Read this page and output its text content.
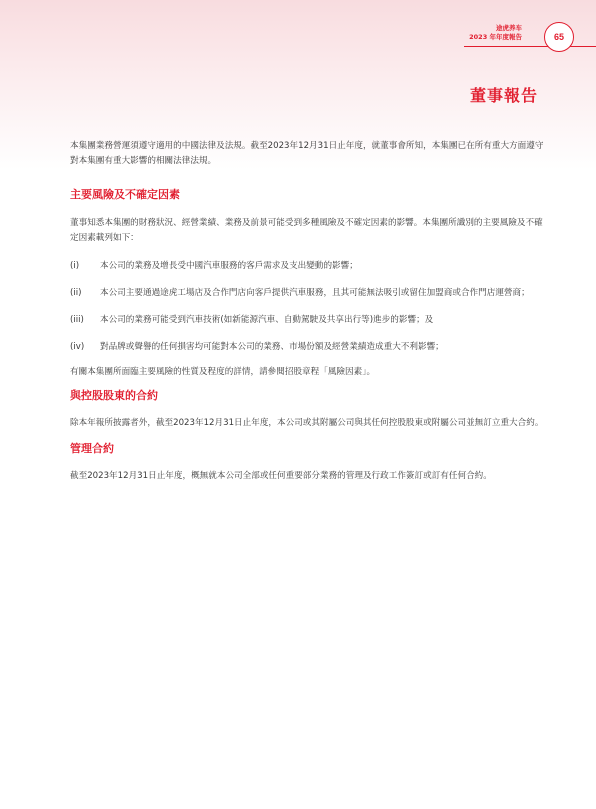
途虎养车
2023 年年度報告	65
董事報告

本集團業務營運須遵守適用的中國法律及法規。截至2023年12月31日止年度，就董事會所知，本集團已在所有重大方面遵守對本集團有重大影響的相關法律法規。

主要風險及不確定因素

董事知悉本集團的財務狀況、經營業績、業務及前景可能受到多種風險及不確定因素的影響。本集團所識別的主要風險及不確定因素載列如下：

(i)	本公司的業務及增長受中國汽車服務的客戶需求及支出變動的影響；
(ii)	本公司主要通過途虎工場店及合作門店向客戶提供汽車服務，且其可能無法吸引或留住加盟商或合作門店運營商；
(iii)	本公司的業務可能受到汽車技術(如新能源汽車、自動駕駛及共享出行等)進步的影響；及
(iv)	對品牌或聲譽的任何損害均可能對本公司的業務、市場份額及經營業績造成重大不利影響；

有關本集團所面臨主要風險的性質及程度的詳情，請參閱招股章程「風險因素」。

與控股股東的合約

除本年報所披露者外，截至2023年12月31日止年度，本公司或其附屬公司與其任何控股股東或附屬公司並無訂立重大合約。

管理合約

截至2023年12月31日止年度，概無就本公司全部或任何重要部分業務的管理及行政工作簽訂或訂有任何合約。
